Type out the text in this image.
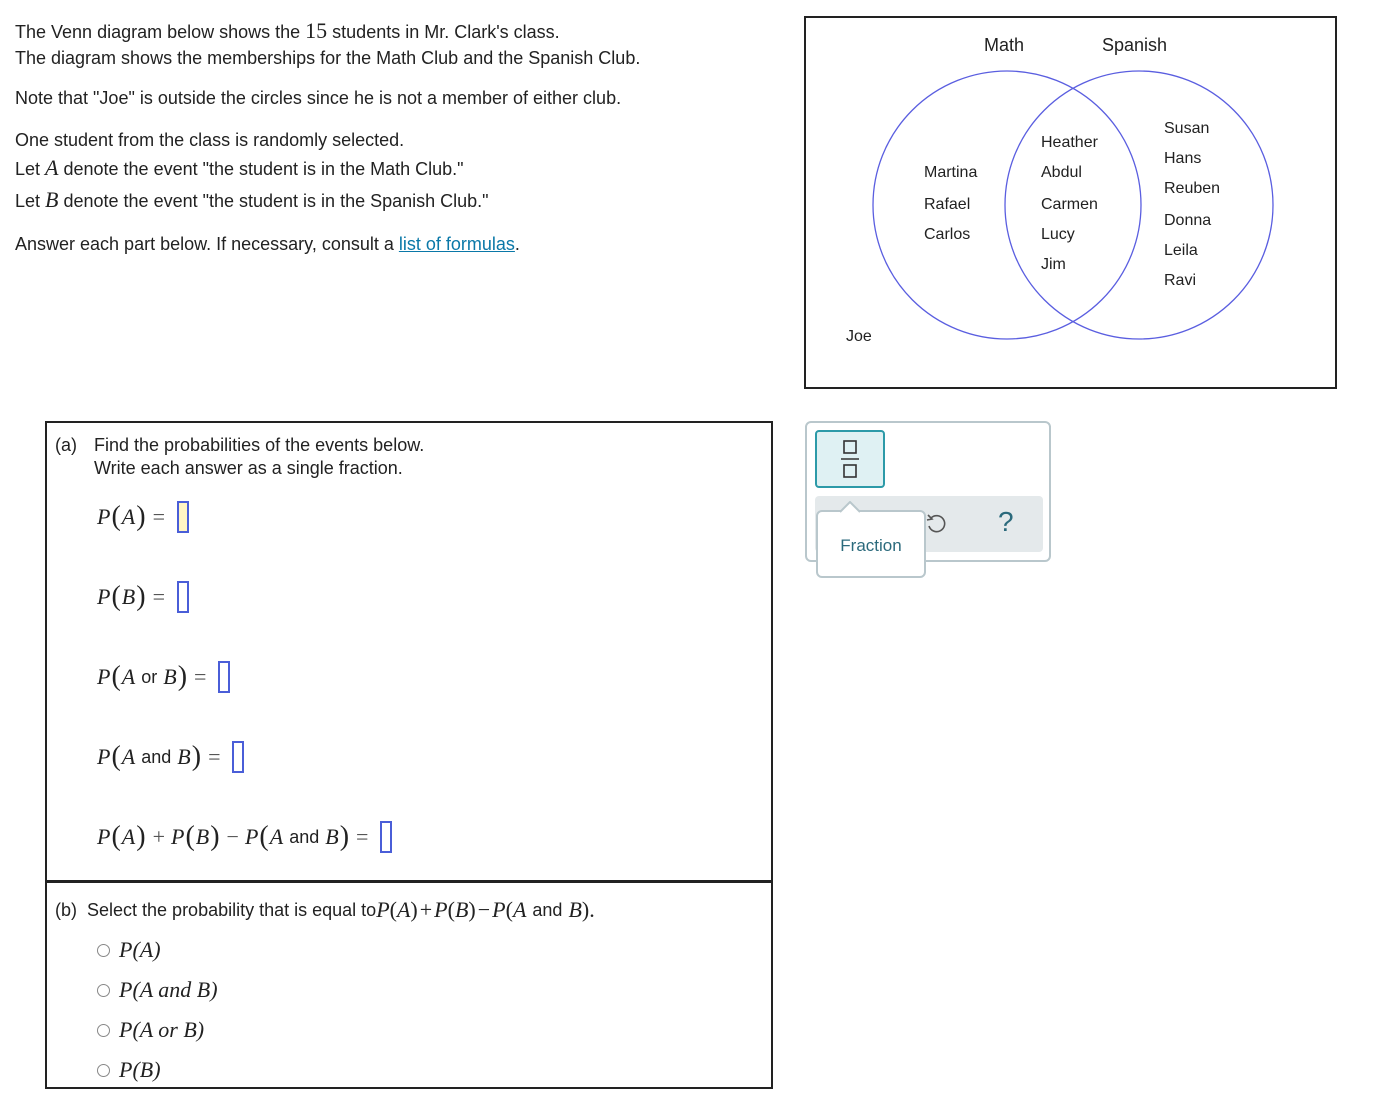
The Venn diagram below shows the 15 students in Mr. Clark's class.
The diagram shows the memberships for the Math Club and the Spanish Club.
Note that "Joe" is outside the circles since he is not a member of either club.
One student from the class is randomly selected.
Let A denote the event "the student is in the Math Club."
Let B denote the event "the student is in the Spanish Club."
Answer each part below. If necessary, consult a list of formulas.
Math	Spanish
Martina
Rafael
Carlos
Heather
Abdul
Carmen
Lucy
Jim
Susan
Hans
Reuben
Donna
Leila
Ravi
Joe
(a) Find the probabilities of the events below.
Write each answer as a single fraction.
P ( A ) =
P ( B ) =
P ( A or B ) =
P ( A and B ) =
P ( A ) + P ( B ) − P ( A and B ) =
(b) Select the probability that is equal to P ( A ) + P ( B ) − P ( A and B ).
P(A)
P(A and B)
P(A or B)
P(B)
?
Fraction
